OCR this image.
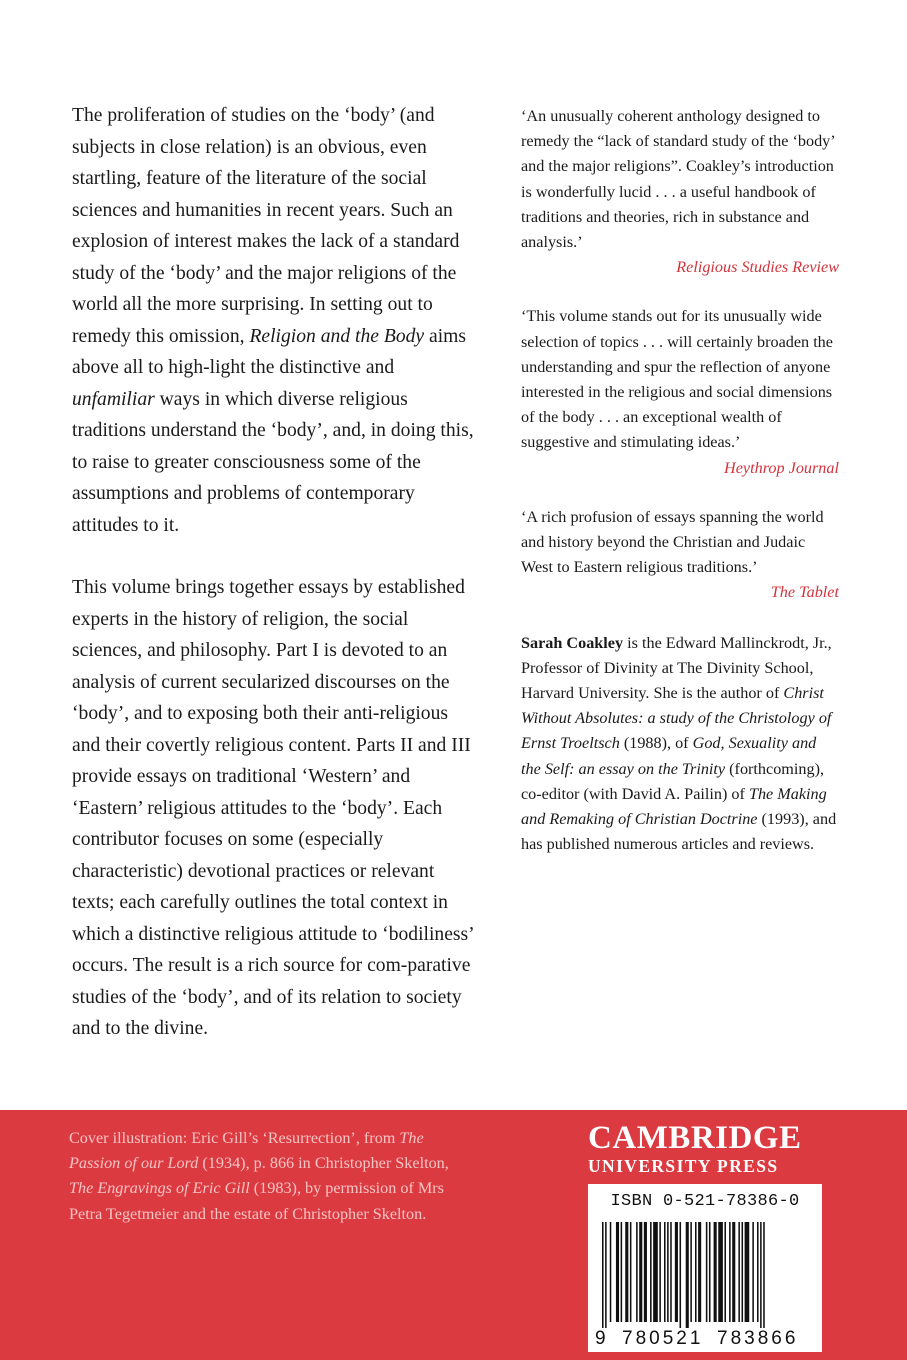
The proliferation of studies on the ‘body’ (and subjects in close relation) is an obvious, even startling, feature of the literature of the social sciences and humanities in recent years. Such an explosion of interest makes the lack of a standard study of the ‘body’ and the major religions of the world all the more surprising. In setting out to remedy this omission, Religion and the Body aims above all to high-light the distinctive and unfamiliar ways in which diverse religious traditions understand the ‘body’, and, in doing this, to raise to greater consciousness some of the assumptions and problems of contemporary attitudes to it.

This volume brings together essays by established experts in the history of religion, the social sciences, and philosophy. Part I is devoted to an analysis of current secularized discourses on the ‘body’, and to exposing both their anti-religious and their covertly religious content. Parts II and III provide essays on traditional ‘Western’ and ‘Eastern’ religious attitudes to the ‘body’. Each contributor focuses on some (especially characteristic) devotional practices or relevant texts; each carefully outlines the total context in which a distinctive religious attitude to ‘bodiliness’ occurs. The result is a rich source for com-parative studies of the ‘body’, and of its relation to society and to the divine.

‘An unusually coherent anthology designed to remedy the “lack of standard study of the ‘body’ and the major religions”. Coakley’s introduction is wonderfully lucid . . . a useful handbook of traditions and theories, rich in substance and analysis.’

Religious Studies Review

‘This volume stands out for its unusually wide selection of topics . . . will certainly broaden the understanding and spur the reflection of anyone interested in the religious and social dimensions of the body . . . an exceptional wealth of suggestive and stimulating ideas.’

Heythrop Journal

‘A rich profusion of essays spanning the world and history beyond the Christian and Judaic West to Eastern religious traditions.’

The Tablet

Sarah Coakley is the Edward Mallinckrodt, Jr., Professor of Divinity at The Divinity School, Harvard University. She is the author of Christ Without Absolutes: a study of the Christology of Ernst Troeltsch (1988), of God, Sexuality and the Self: an essay on the Trinity (forthcoming), co-editor (with David A. Pailin) of The Making and Remaking of Christian Doctrine (1993), and has published numerous articles and reviews.

Cover illustration: Eric Gill’s ‘Resurrection’, from The Passion of our Lord (1934), p. 866 in Christopher Skelton, The Engravings of Eric Gill (1983), by permission of Mrs Petra Tegetmeier and the estate of Christopher Skelton.
CAMBRIDGE
UNIVERSITY PRESS
ISBN 0-521-78386-0
9 780521 783866
